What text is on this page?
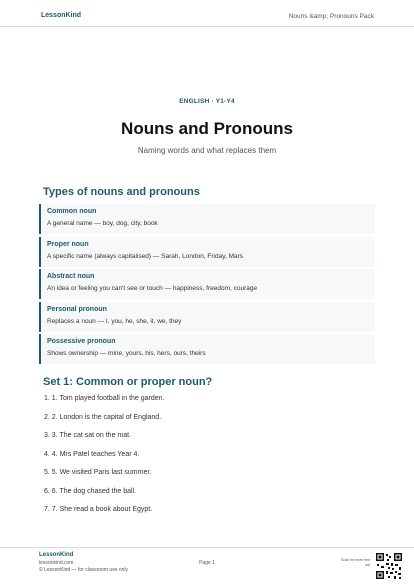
LessonKind	Nouns &amp; Pronouns Pack
ENGLISH · Y1-Y4
Nouns and Pronouns
Naming words and what replaces them
Types of nouns and pronouns
Common noun
A general name — boy, dog, city, book
Proper noun
A specific name (always capitalised) — Sarah, London, Friday, Mars
Abstract noun
An idea or feeling you can't see or touch — happiness, freedom, courage
Personal pronoun
Replaces a noun — I, you, he, she, it, we, they
Possessive pronoun
Shows ownership — mine, yours, his, hers, ours, theirs
Set 1: Common or proper noun?

1. 1. Tom played football in the garden.

2. 2. London is the capital of England.

3. 3. The cat sat on the mat.

4. 4. Mrs Patel teaches Year 4.

5. 5. We visited Paris last summer.

6. 6. The dog chased the ball.

7. 7. She read a book about Egypt.

LessonKind
lessonkind.com
© LessonKind — for classroom use only
Page 1	Scan for more free ast
